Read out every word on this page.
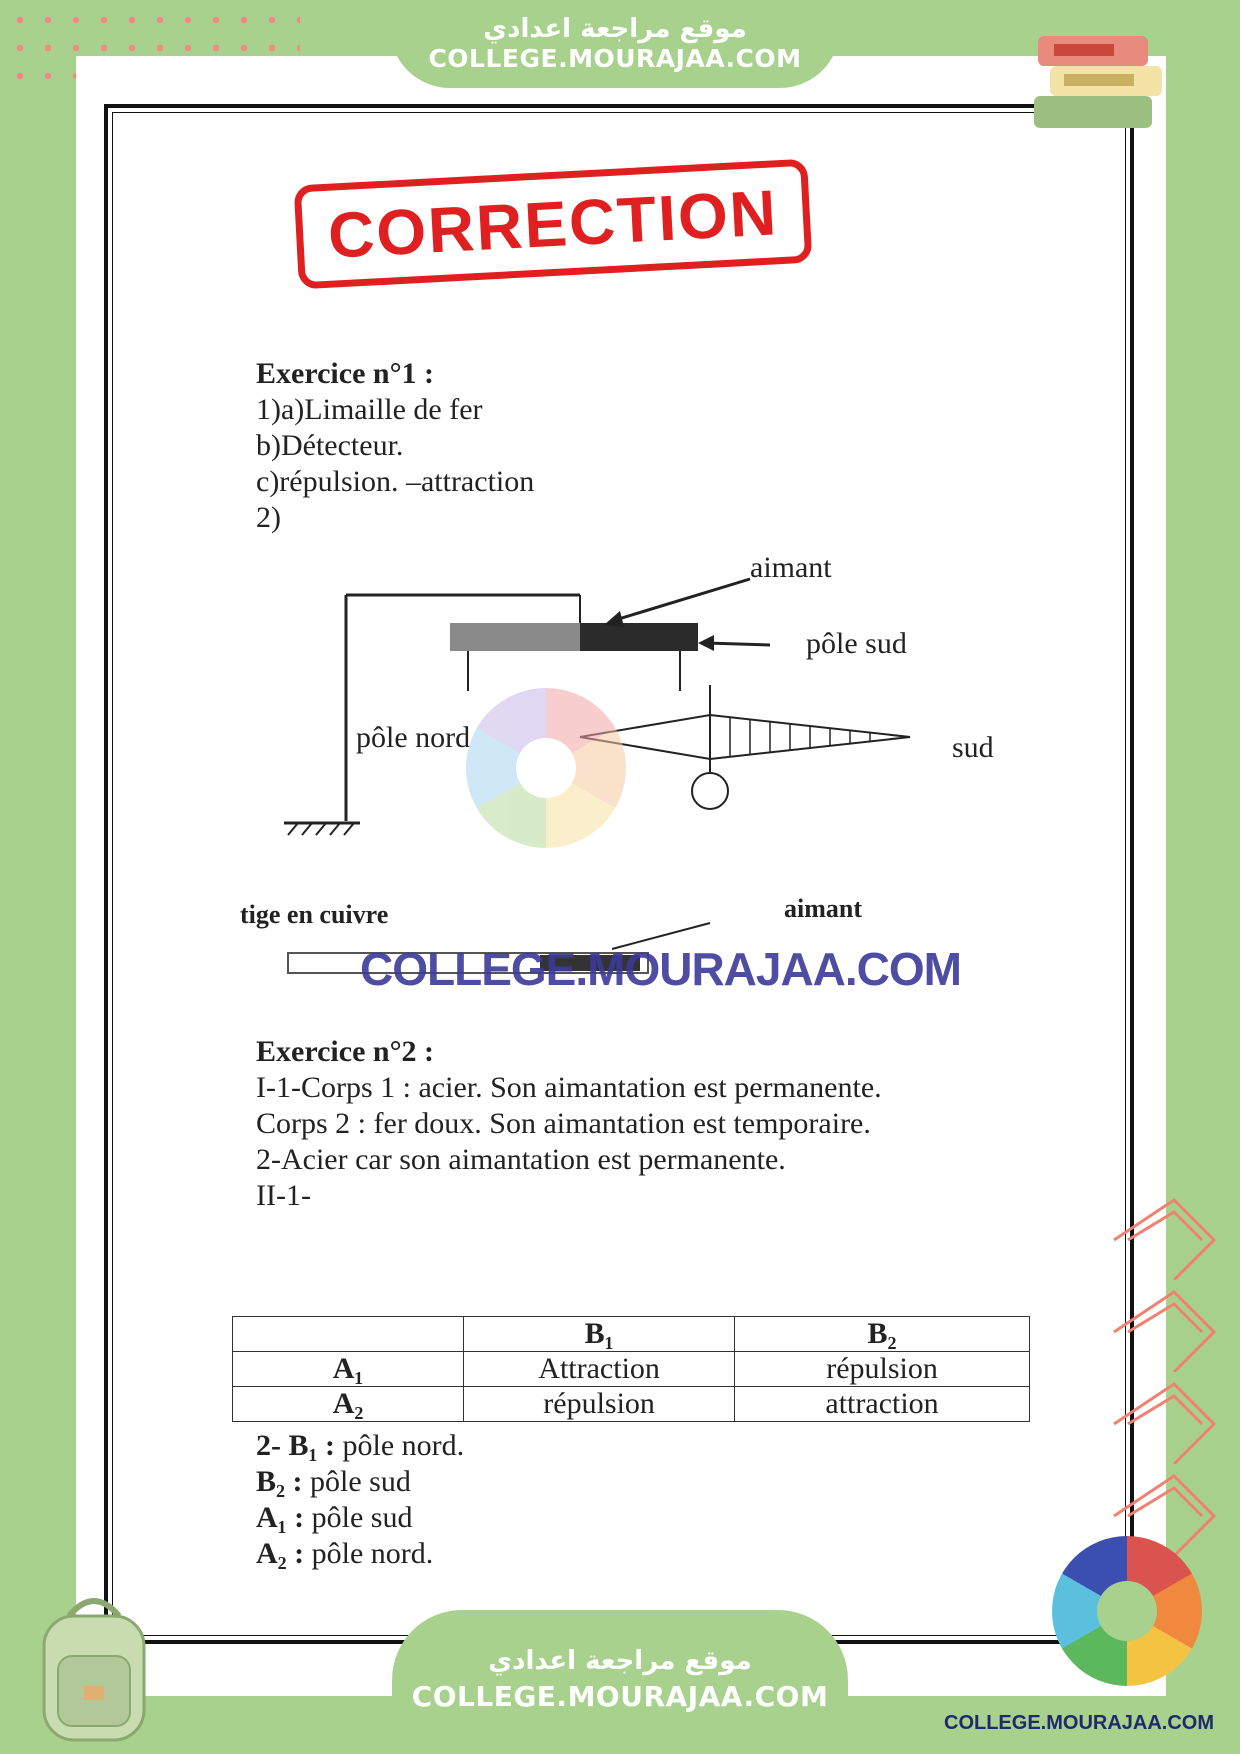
موقع مراجعة اعدادي
COLLEGE.MOURAJAA.COM
CORRECTION
Exercice n°1 :
1)a)Limaille de fer
b)Détecteur.
c)répulsion. –attraction
2)
aimant
pôle sud
pôle nord	sud
tige en cuivre	aimant
COLLEGE.MOURAJAA.COM
Exercice n°2 :
I-1-Corps 1 : acier. Son aimantation est permanente.
Corps 2 : fer doux. Son aimantation est temporaire.
2-Acier car son aimantation est permanente.
II-1-
	B₁	B₂
A₁	Attraction	répulsion
A₂	répulsion	attraction
2- B₁ : pôle nord.
B₂ : pôle sud
A₁ : pôle sud
A₂ : pôle nord.
موقع مراجعة اعدادي
COLLEGE.MOURAJAA.COM
COLLEGE.MOURAJAA.COM
